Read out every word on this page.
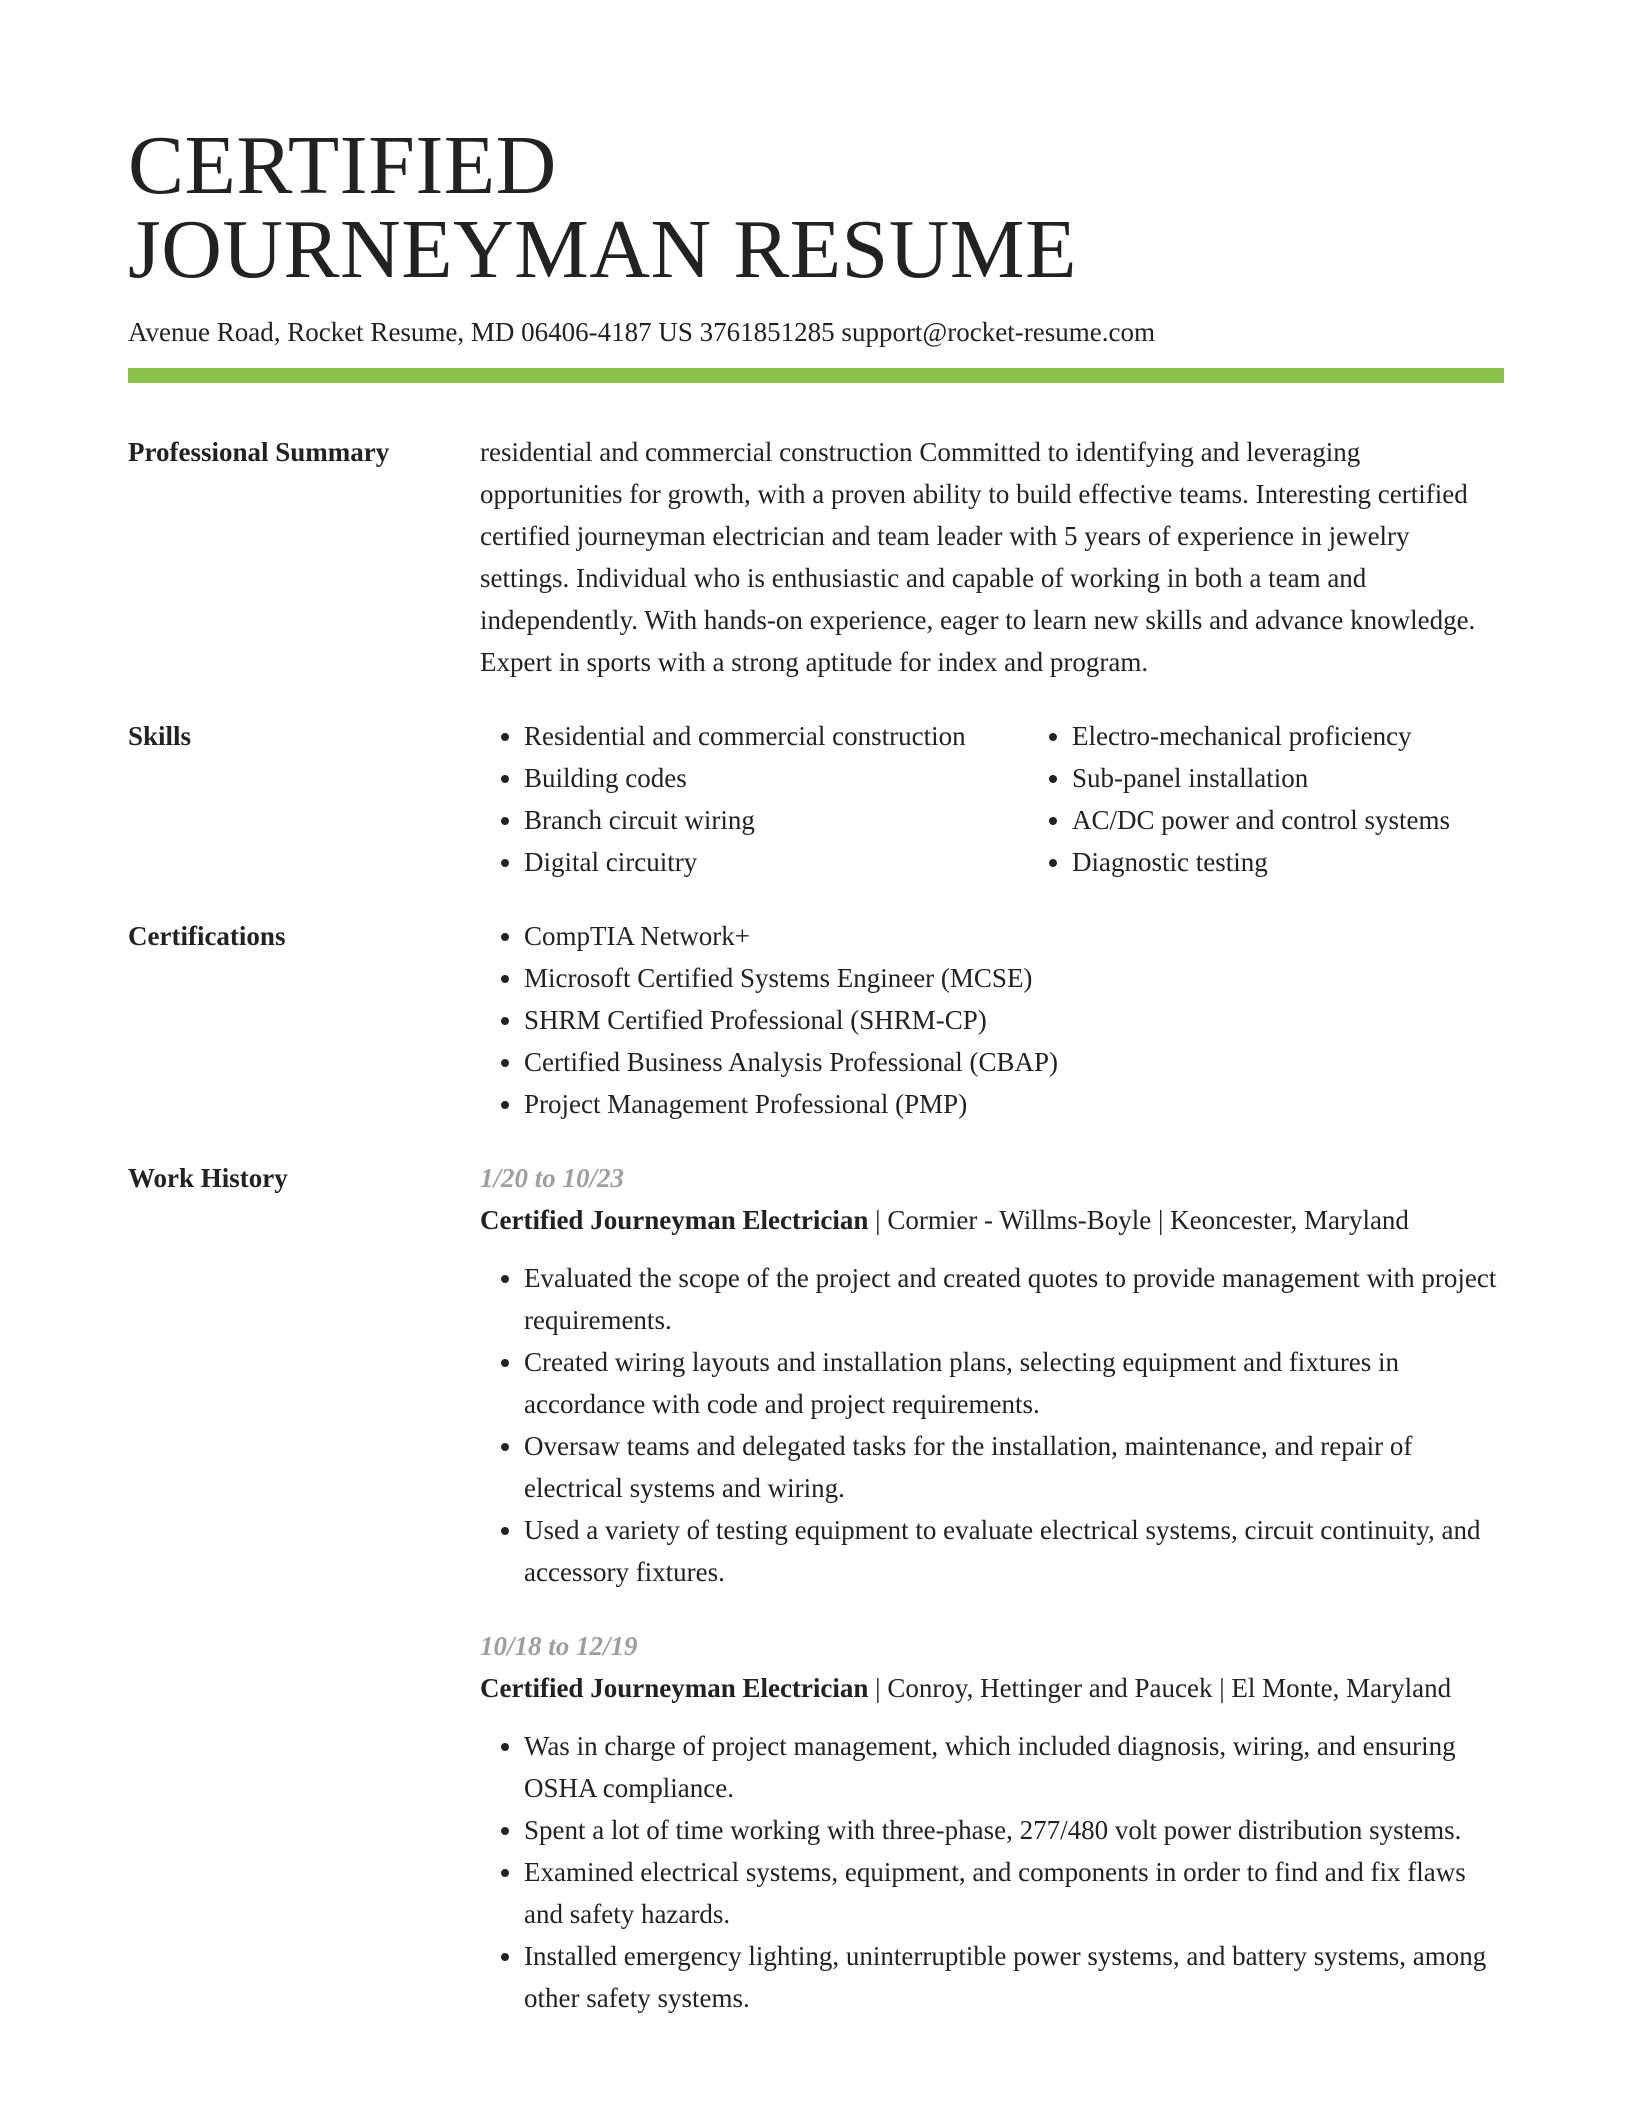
CERTIFIED
JOURNEYMAN RESUME
Avenue Road, Rocket Resume, MD 06406-4187 US 3761851285 support@rocket-resume.com
Professional Summary	residential and commercial construction Committed to identifying and leveraging opportunities for growth, with a proven ability to build effective teams. Interesting certified certified journeyman electrician and team leader with 5 years of experience in jewelry settings. Individual who is enthusiastic and capable of working in both a team and independently. With hands-on experience, eager to learn new skills and advance knowledge. Expert in sports with a strong aptitude for index and program.
Skills	• Residential and commercial construction
• Building codes
• Branch circuit wiring
• Digital circuitry
• Electro-mechanical proficiency
• Sub-panel installation
• AC/DC power and control systems
• Diagnostic testing
Certifications	• CompTIA Network+
• Microsoft Certified Systems Engineer (MCSE)
• SHRM Certified Professional (SHRM-CP)
• Certified Business Analysis Professional (CBAP)
• Project Management Professional (PMP)
Work History	1/20 to 10/23
Certified Journeyman Electrician | Cormier - Willms-Boyle | Keoncester, Maryland
• Evaluated the scope of the project and created quotes to provide management with project requirements.
• Created wiring layouts and installation plans, selecting equipment and fixtures in accordance with code and project requirements.
• Oversaw teams and delegated tasks for the installation, maintenance, and repair of electrical systems and wiring.
• Used a variety of testing equipment to evaluate electrical systems, circuit continuity, and accessory fixtures.
10/18 to 12/19
Certified Journeyman Electrician | Conroy, Hettinger and Paucek | El Monte, Maryland
• Was in charge of project management, which included diagnosis, wiring, and ensuring OSHA compliance.
• Spent a lot of time working with three-phase, 277/480 volt power distribution systems.
• Examined electrical systems, equipment, and components in order to find and fix flaws and safety hazards.
• Installed emergency lighting, uninterruptible power systems, and battery systems, among other safety systems.
